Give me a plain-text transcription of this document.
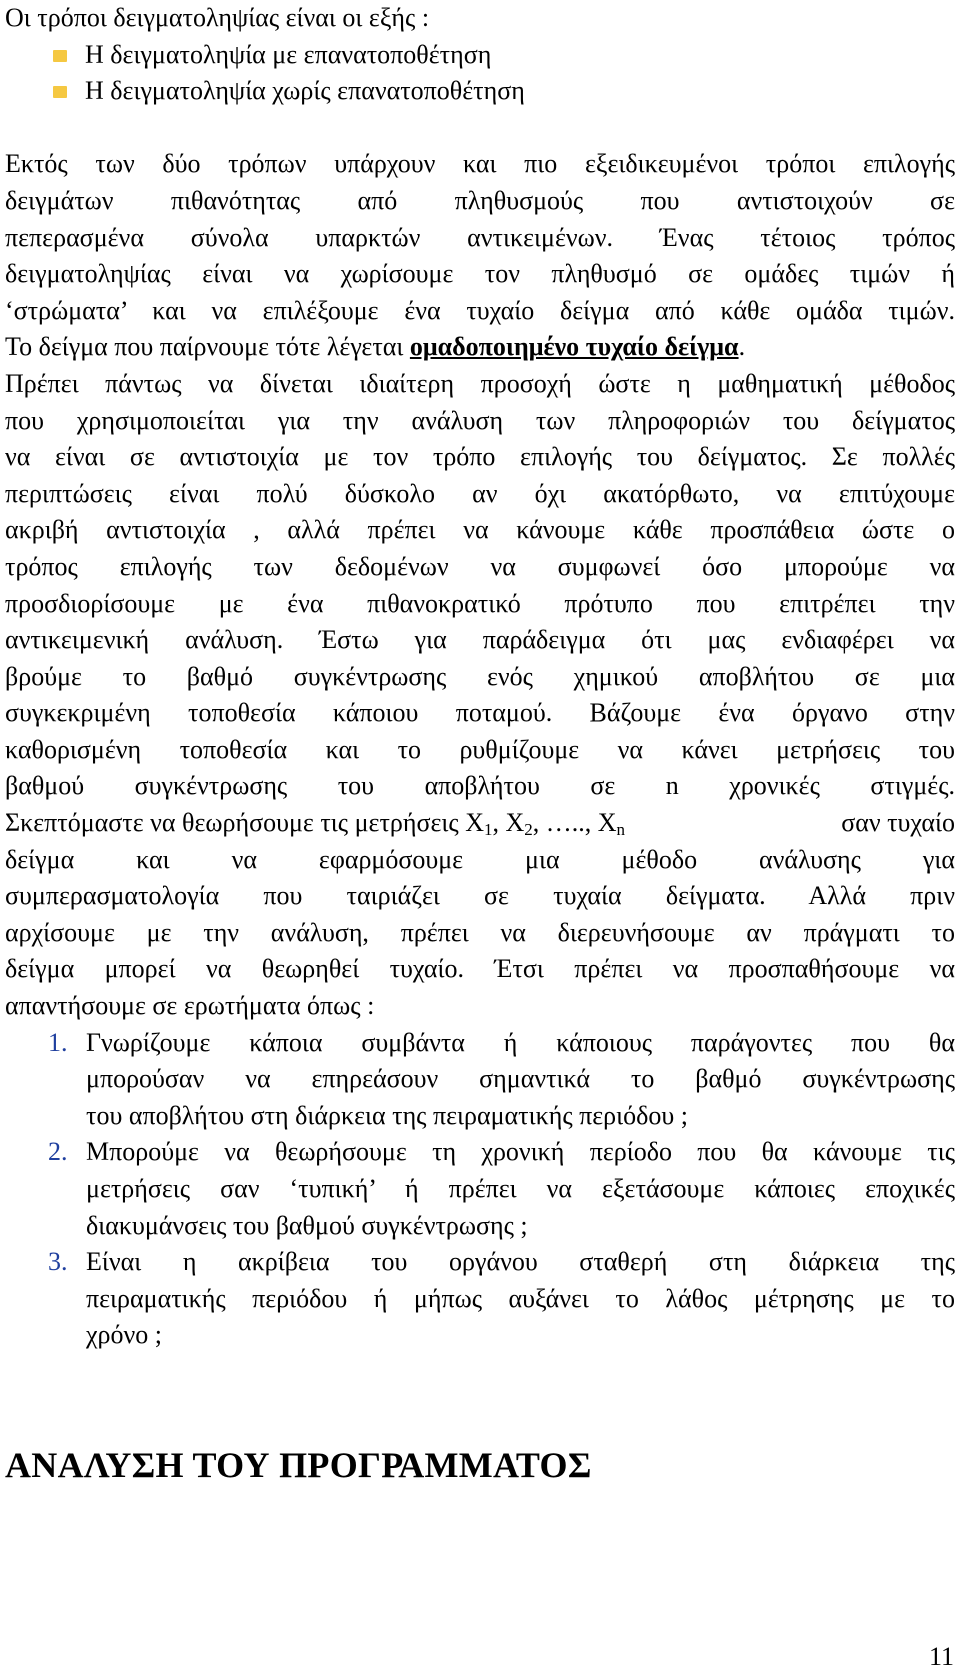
Οι τρόποι δειγματοληψίας είναι οι εξής :
Η δειγματοληψία με επανατοποθέτηση
Η δειγματοληψία χωρίς επανατοποθέτηση

Εκτός των δύο τρόπων υπάρχουν και πιο εξειδικευμένοι τρόποι επιλογής
δειγμάτων πιθανότητας από πληθυσμούς που αντιστοιχούν σε
πεπερασμένα σύνολα υπαρκτών αντικειμένων. Ένας τέτοιος τρόπος
δειγματοληψίας είναι να χωρίσουμε τον πληθυσμό σε ομάδες τιμών ή
‘στρώματα’ και να επιλέξουμε ένα τυχαίο δείγμα από κάθε ομάδα τιμών.
Το δείγμα που παίρνουμε τότε λέγεται ομαδοποιημένο τυχαίο δείγμα.
Πρέπει πάντως να δίνεται ιδιαίτερη προσοχή ώστε η μαθηματική μέθοδος
που χρησιμοποιείται για την ανάλυση των πληροφοριών του δείγματος
να είναι σε αντιστοιχία με τον τρόπο επιλογής του δείγματος. Σε πολλές
περιπτώσεις είναι πολύ δύσκολο αν όχι ακατόρθωτο, να επιτύχουμε
ακριβή αντιστοιχία , αλλά πρέπει να κάνουμε κάθε προσπάθεια ώστε ο
τρόπος επιλογής των δεδομένων να συμφωνεί όσο μπορούμε να
προσδιορίσουμε με ένα πιθανοκρατικό πρότυπο που επιτρέπει την
αντικειμενική ανάλυση. Έστω για παράδειγμα ότι μας ενδιαφέρει να
βρούμε το βαθμό συγκέντρωσης ενός χημικού αποβλήτου σε μια
συγκεκριμένη τοποθεσία κάποιου ποταμού. Βάζουμε ένα όργανο στην
καθορισμένη τοποθεσία και το ρυθμίζουμε να κάνει μετρήσεις του
βαθμού συγκέντρωσης του αποβλήτου σε n χρονικές στιγμές.
Σκεπτόμαστε να θεωρήσουμε τις μετρήσεις $X_1$, $X_2$, ….., $X_n$	σαν τυχαίο
δείγμα και να εφαρμόσουμε μια μέθοδο ανάλυσης για
συμπερασματολογία που ταιριάζει σε τυχαία δείγματα. Αλλά πριν
αρχίσουμε με την ανάλυση, πρέπει να διερευνήσουμε αν πράγματι το
δείγμα μπορεί να θεωρηθεί τυχαίο. Έτσι πρέπει να προσπαθήσουμε να
απαντήσουμε σε ερωτήματα όπως :
1. Γνωρίζουμε κάποια συμβάντα ή κάποιους παράγοντες που θα
μπορούσαν να επηρεάσουν σημαντικά το βαθμό συγκέντρωσης
του αποβλήτου στη διάρκεια της πειραματικής περιόδου ;
2. Μπορούμε να θεωρήσουμε τη χρονική περίοδο που θα κάνουμε τις
μετρήσεις σαν ‘τυπική’ ή πρέπει να εξετάσουμε κάποιες εποχικές
διακυμάνσεις του βαθμού συγκέντρωσης ;
3. Είναι η ακρίβεια του οργάνου σταθερή στη διάρκεια της
πειραματικής περιόδου ή μήπως αυξάνει το λάθος μέτρησης με το
χρόνο ;
ΑΝΑΛΥΣΗ ΤΟΥ ΠΡΟΓΡΑΜΜΑΤΟΣ
11
